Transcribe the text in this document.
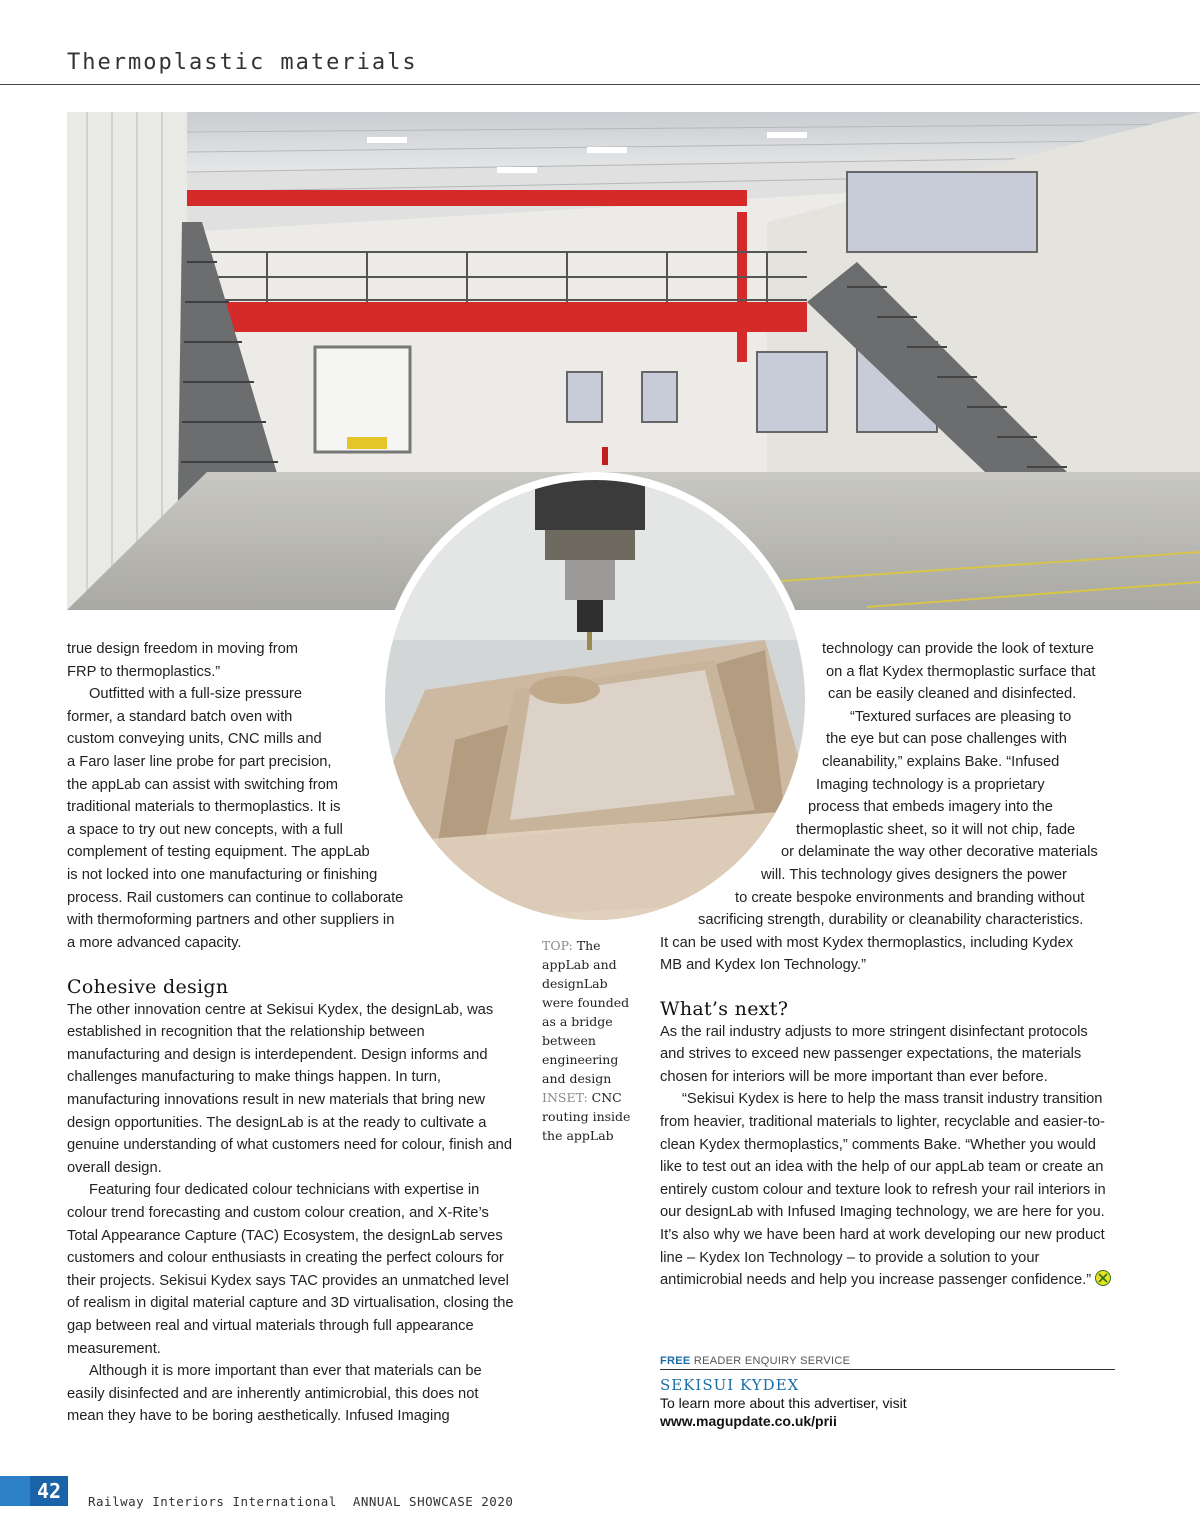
Thermoplastic materials
true design freedom in moving from
FRP to thermoplastics.”
Outfitted with a full-size pressure
former, a standard batch oven with
custom conveying units, CNC mills and
a Faro laser line probe for part precision,
the appLab can assist with switching from
traditional materials to thermoplastics. It is
a space to try out new concepts, with a full
complement of testing equipment. The appLab
is not locked into one manufacturing or finishing
process. Rail customers can continue to collaborate
with thermoforming partners and other suppliers in
a more advanced capacity.
Cohesive design

The other innovation centre at Sekisui Kydex, the designLab, was established in recognition that the relationship between manufacturing and design is interdependent. Design informs and challenges manufacturing to make things happen. In turn, manufacturing innovations result in new materials that bring new design opportunities. The designLab is at the ready to cultivate a genuine understanding of what customers need for colour, finish and overall design.

Featuring four dedicated colour technicians with expertise in colour trend forecasting and custom colour creation, and X-Rite’s Total Appearance Capture (TAC) Ecosystem, the designLab serves customers and colour enthusiasts in creating the perfect colours for their projects. Sekisui Kydex says TAC provides an unmatched level of realism in digital material capture and 3D virtualisation, closing the gap between real and virtual materials through full appearance measurement.

Although it is more important than ever that materials can be easily disinfected and are inherently antimicrobial, this does not mean they have to be boring aesthetically. Infused Imaging

TOP: The appLab and designLab were founded as a bridge between engineering and design
INSET: CNC routing inside the appLab
technology can provide the look of texture
on a flat Kydex thermoplastic surface that
can be easily cleaned and disinfected.
“Textured surfaces are pleasing to
the eye but can pose challenges with
cleanability,” explains Bake. “Infused
Imaging technology is a proprietary
process that embeds imagery into the
thermoplastic sheet, so it will not chip, fade
or delaminate the way other decorative materials
will. This technology gives designers the power
to create bespoke environments and branding without
sacrificing strength, durability or cleanability characteristics.
It can be used with most Kydex thermoplastics, including Kydex
MB and Kydex Ion Technology.”
What’s next?

As the rail industry adjusts to more stringent disinfectant protocols and strives to exceed new passenger expectations, the materials chosen for interiors will be more important than ever before.

“Sekisui Kydex is here to help the mass transit industry transition from heavier, traditional materials to lighter, recyclable and easier-to-clean Kydex thermoplastics,” comments Bake. “Whether you would like to test out an idea with the help of our appLab team or create an entirely custom colour and texture look to refresh your rail interiors in our designLab with Infused Imaging technology, we are here for you. It’s also why we have been hard at work developing our new product line – Kydex Ion Technology – to provide a solution to your antimicrobial needs and help you increase passenger confidence.”

FREE READER ENQUIRY SERVICE
SEKISUI KYDEX
To learn more about this advertiser, visit
www.magupdate.co.uk/prii
42	Railway Interiors International ANNUAL SHOWCASE 2020
